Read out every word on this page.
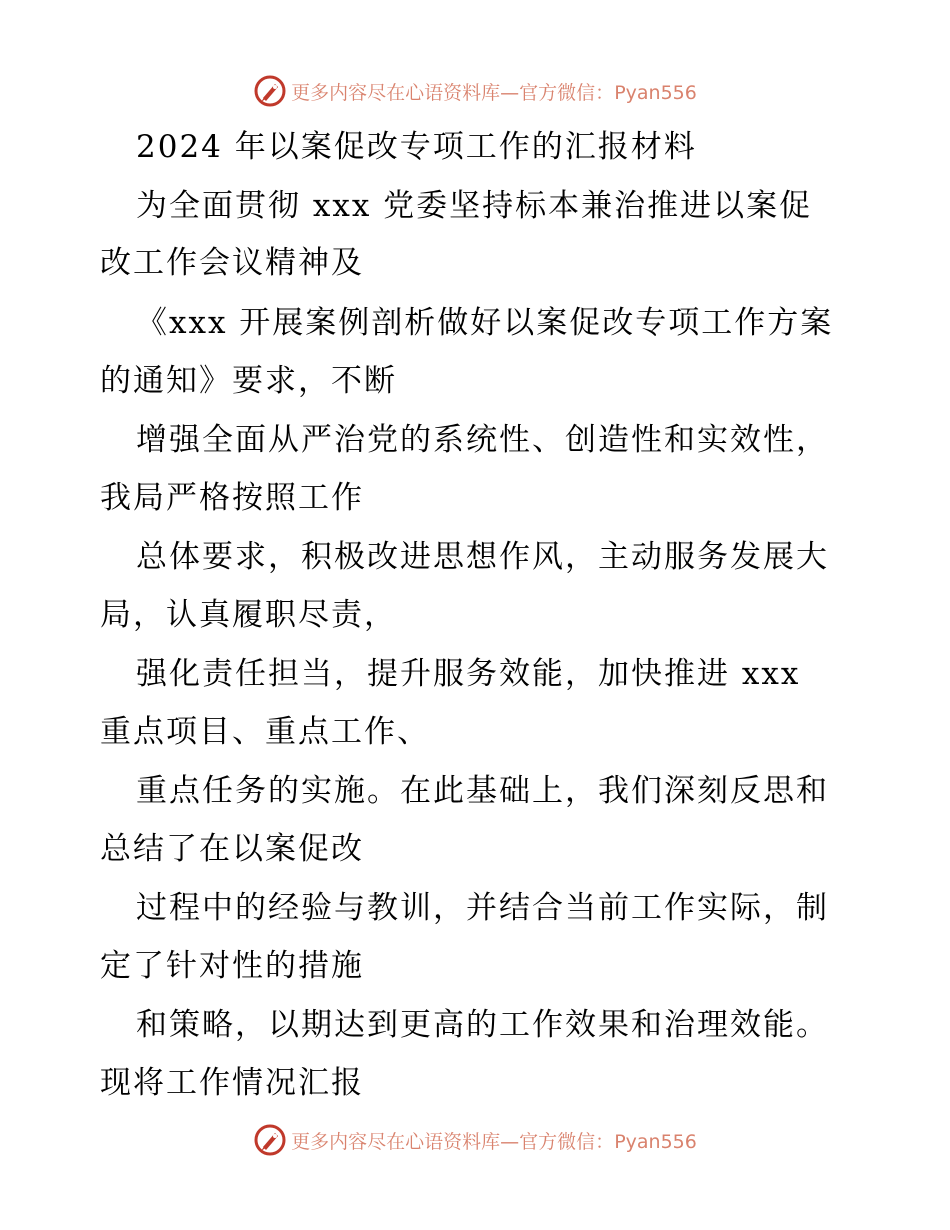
更多内容尽在心语资料库—官方微信：Pyan556
2024 年以案促改专项工作的汇报材料
为全面贯彻 xxx 党委坚持标本兼治推进以案促
改工作会议精神及
《xxx 开展案例剖析做好以案促改专项工作方案
的通知》要求，不断
增强全面从严治党的系统性、创造性和实效性，
我局严格按照工作
总体要求，积极改进思想作风，主动服务发展大
局，认真履职尽责，
强化责任担当，提升服务效能，加快推进 xxx
重点项目、重点工作、
重点任务的实施。在此基础上，我们深刻反思和
总结了在以案促改
过程中的经验与教训，并结合当前工作实际，制
定了针对性的措施
和策略，以期达到更高的工作效果和治理效能。
现将工作情况汇报
更多内容尽在心语资料库—官方微信：Pyan556
